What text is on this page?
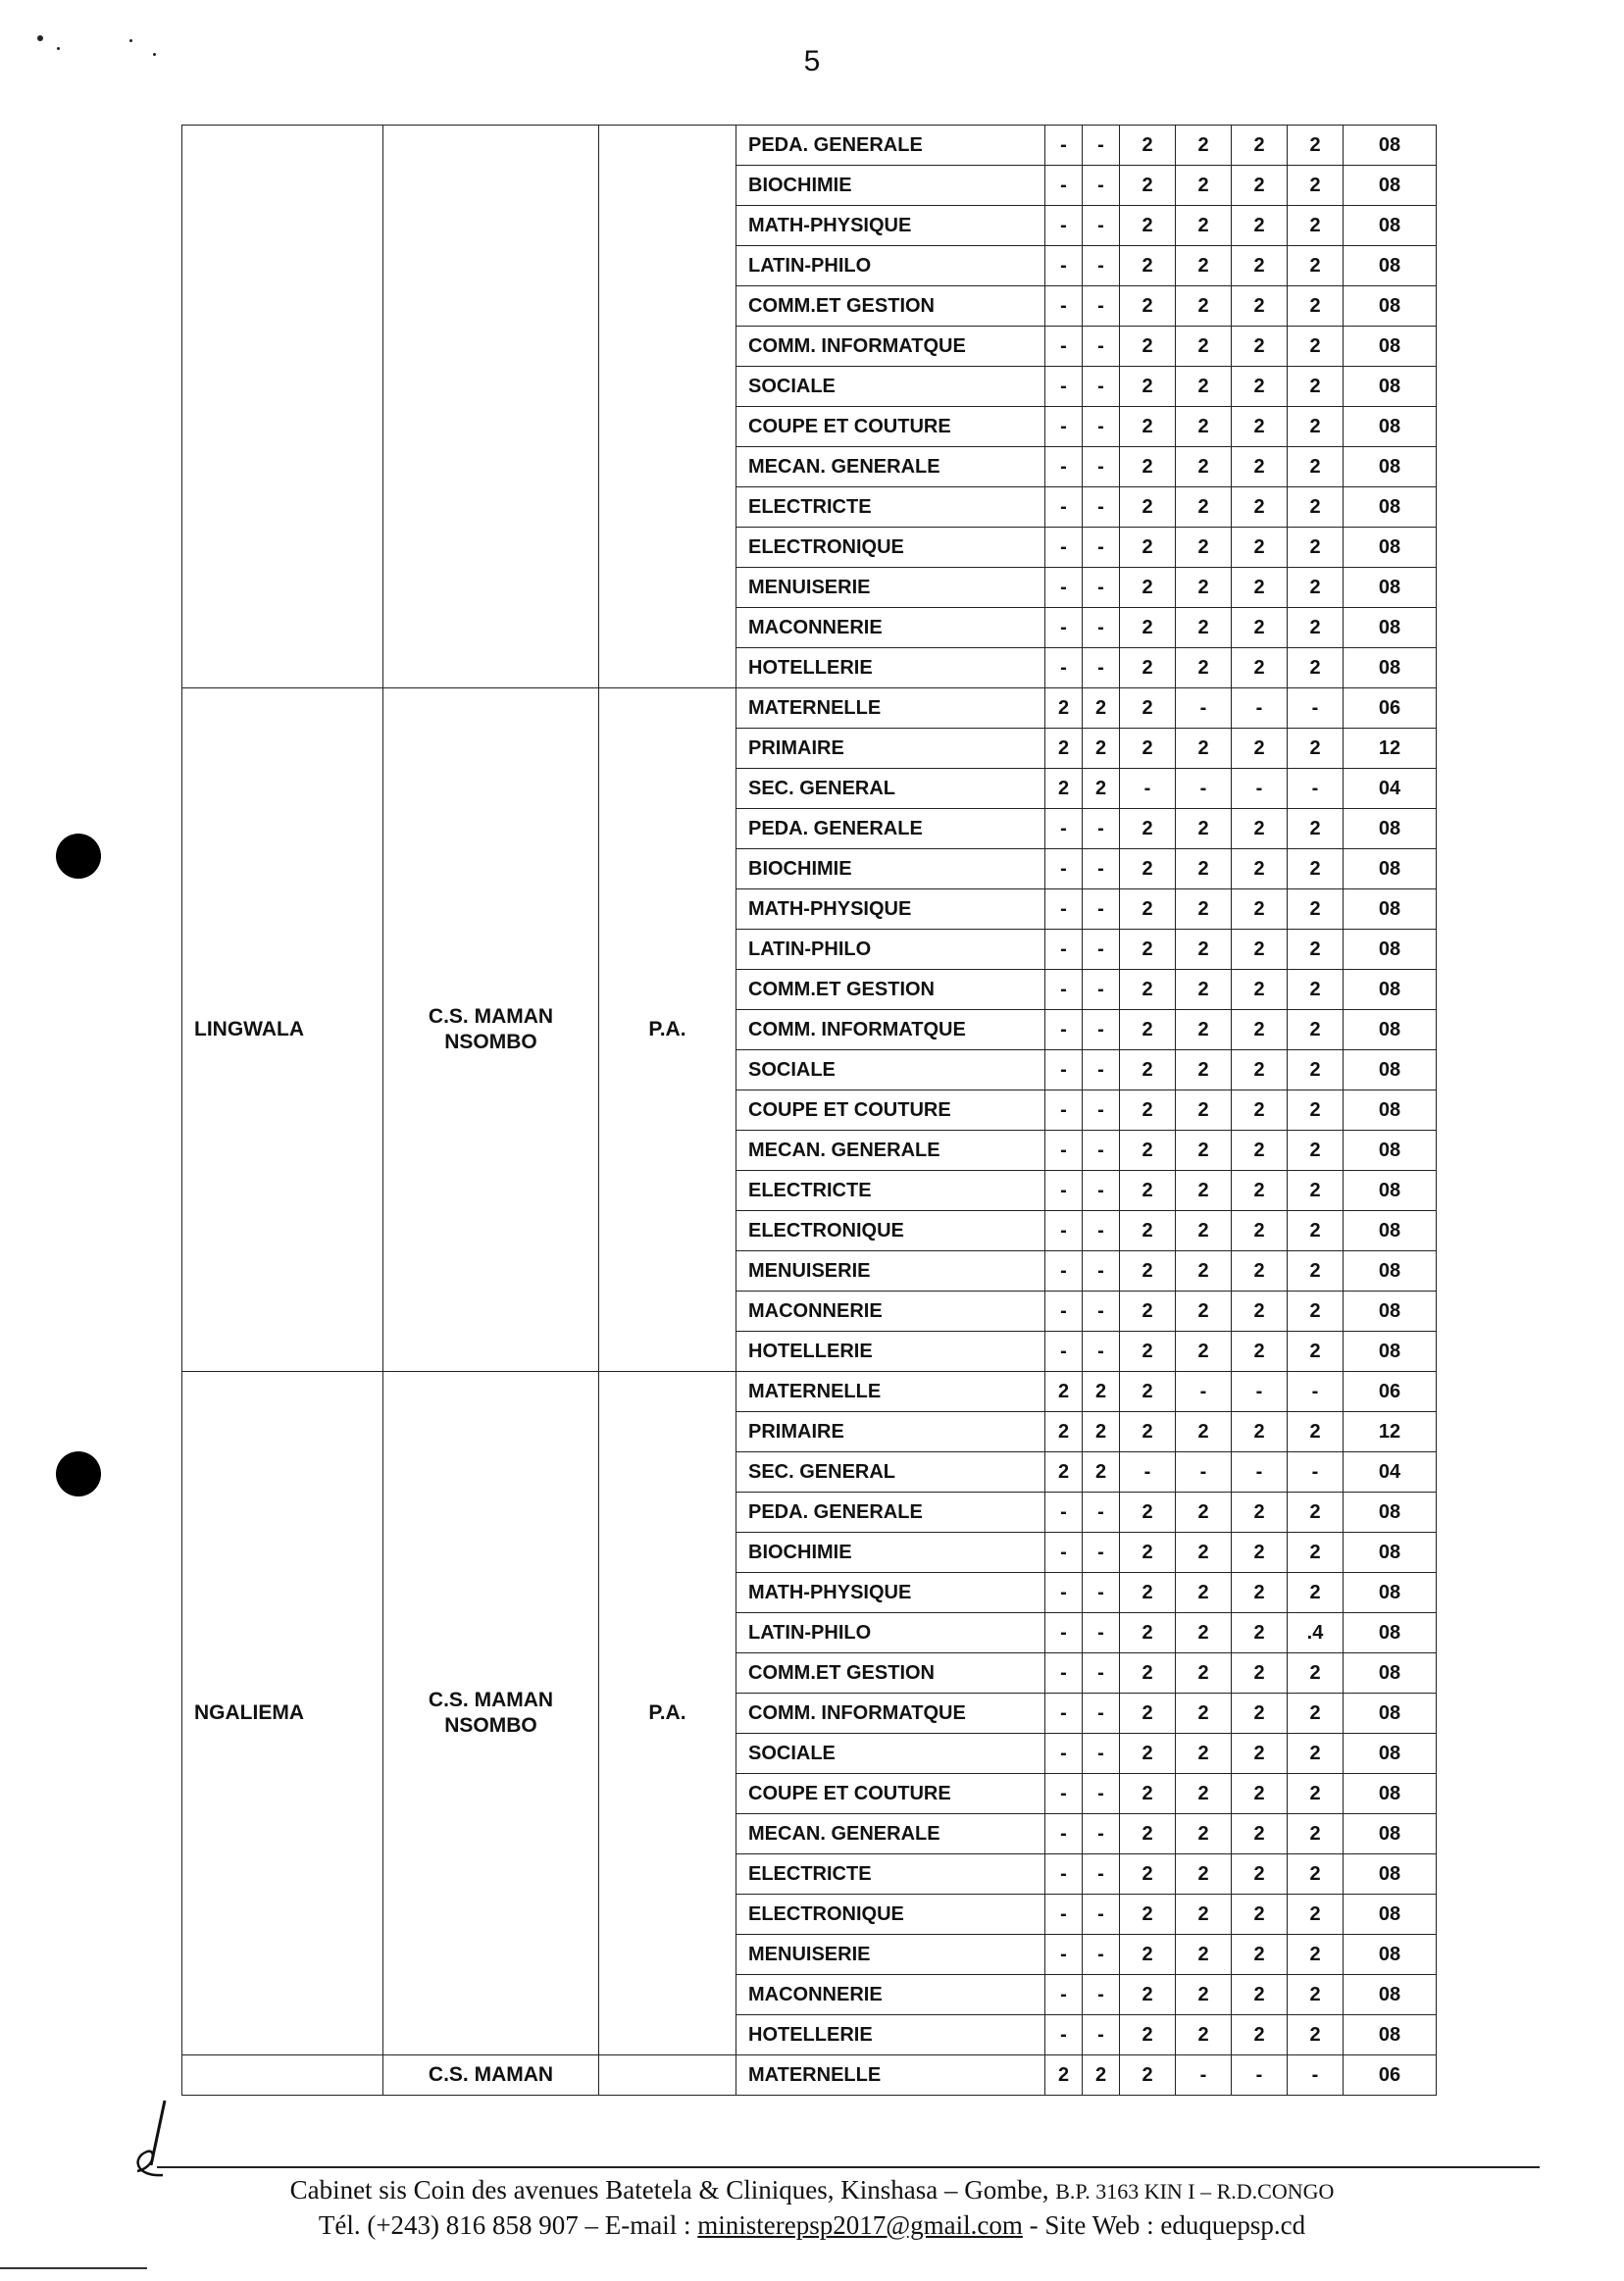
5
			PEDA. GENERALE	-	-	2	2	2	2	08
			BIOCHIMIE	-	-	2	2	2	2	08
			MATH-PHYSIQUE	-	-	2	2	2	2	08
			LATIN-PHILO	-	-	2	2	2	2	08
			COMM.ET GESTION	-	-	2	2	2	2	08
			COMM. INFORMATQUE	-	-	2	2	2	2	08
			SOCIALE	-	-	2	2	2	2	08
			COUPE ET COUTURE	-	-	2	2	2	2	08
			MECAN. GENERALE	-	-	2	2	2	2	08
			ELECTRICTE	-	-	2	2	2	2	08
			ELECTRONIQUE	-	-	2	2	2	2	08
			MENUISERIE	-	-	2	2	2	2	08
			MACONNERIE	-	-	2	2	2	2	08
			HOTELLERIE	-	-	2	2	2	2	08
LINGWALA	C.S. MAMAN NSOMBO	P.A.	MATERNELLE	2	2	2	-	-	-	06
			PRIMAIRE	2	2	2	2	2	2	12
			SEC. GENERAL	2	2	-	-	-	-	04
			PEDA. GENERALE	-	-	2	2	2	2	08
			BIOCHIMIE	-	-	2	2	2	2	08
			MATH-PHYSIQUE	-	-	2	2	2	2	08
			LATIN-PHILO	-	-	2	2	2	2	08
			COMM.ET GESTION	-	-	2	2	2	2	08
			COMM. INFORMATQUE	-	-	2	2	2	2	08
			SOCIALE	-	-	2	2	2	2	08
			COUPE ET COUTURE	-	-	2	2	2	2	08
			MECAN. GENERALE	-	-	2	2	2	2	08
			ELECTRICTE	-	-	2	2	2	2	08
			ELECTRONIQUE	-	-	2	2	2	2	08
			MENUISERIE	-	-	2	2	2	2	08
			MACONNERIE	-	-	2	2	2	2	08
			HOTELLERIE	-	-	2	2	2	2	08
NGALIEMA	C.S. MAMAN NSOMBO	P.A.	MATERNELLE	2	2	2	-	-	-	06
			PRIMAIRE	2	2	2	2	2	2	12
			SEC. GENERAL	2	2	-	-	-	-	04
			PEDA. GENERALE	-	-	2	2	2	2	08
			BIOCHIMIE	-	-	2	2	2	2	08
			MATH-PHYSIQUE	-	-	2	2	2	2	08
			LATIN-PHILO	-	-	2	2	2	.4	08
			COMM.ET GESTION	-	-	2	2	2	2	08
			COMM. INFORMATQUE	-	-	2	2	2	2	08
			SOCIALE	-	-	2	2	2	2	08
			COUPE ET COUTURE	-	-	2	2	2	2	08
			MECAN. GENERALE	-	-	2	2	2	2	08
			ELECTRICTE	-	-	2	2	2	2	08
			ELECTRONIQUE	-	-	2	2	2	2	08
			MENUISERIE	-	-	2	2	2	2	08
			MACONNERIE	-	-	2	2	2	2	08
			HOTELLERIE	-	-	2	2	2	2	08
	C.S. MAMAN		MATERNELLE	2	2	2	-	-	-	06
Cabinet sis Coin des avenues Batetela & Cliniques, Kinshasa – Gombe, B.P. 3163 KIN I – R.D.CONGO
Tél. (+243) 816 858 907 – E-mail : ministerepsp2017@gmail.com - Site Web : eduquepsp.cd
